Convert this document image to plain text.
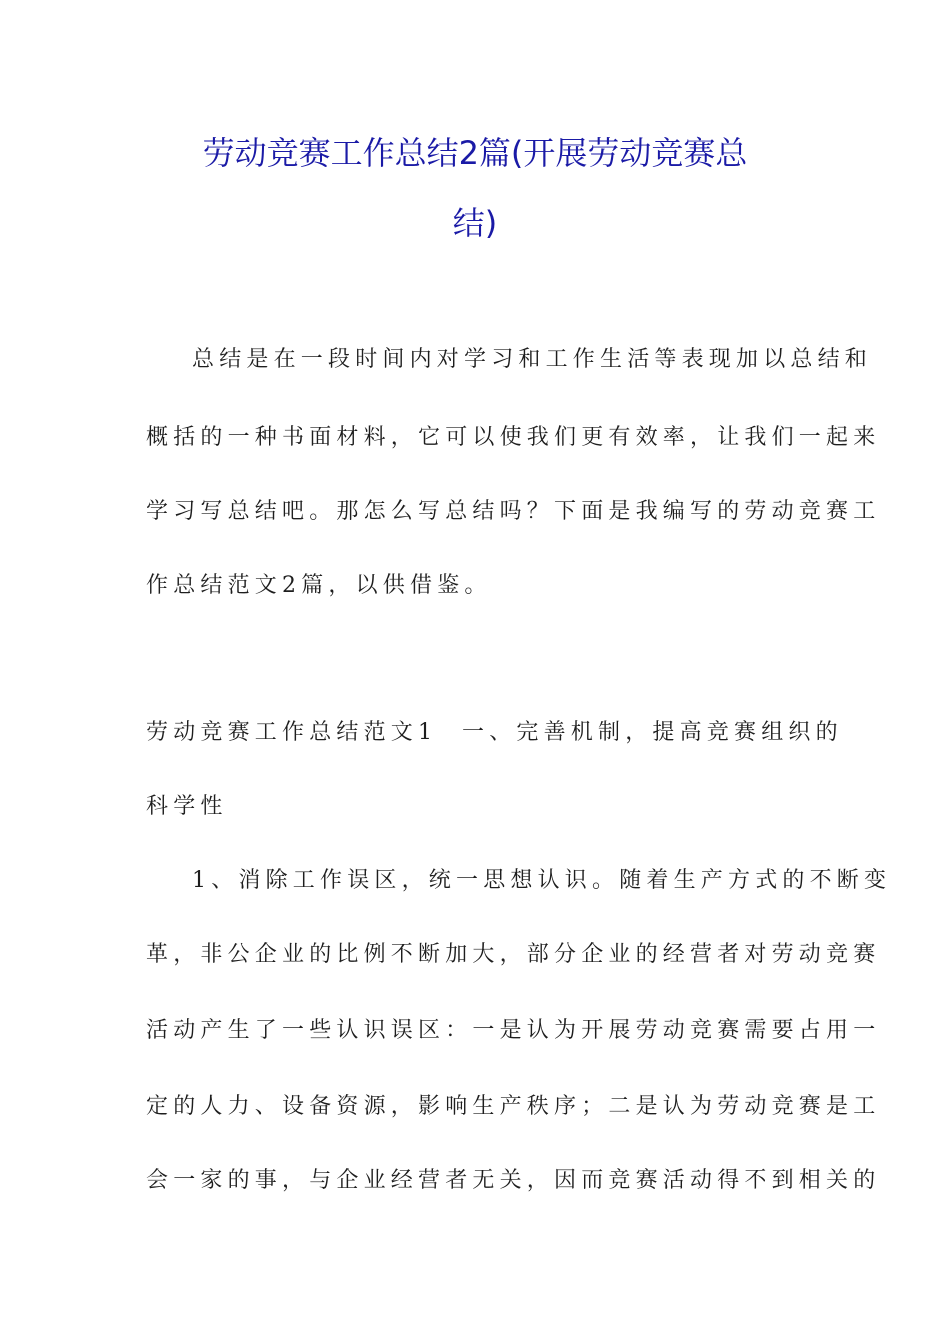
劳动竞赛工作总结2篇(开展劳动竞赛总
结)
总结是在一段时间内对学习和工作生活等表现加以总结和
概括的一种书面材料，它可以使我们更有效率，让我们一起来
学习写总结吧。那怎么写总结吗？下面是我编写的劳动竞赛工
作总结范文2篇，以供借鉴。
劳动竞赛工作总结范文1 一、完善机制，提高竞赛组织的
科学性
1、消除工作误区，统一思想认识。随着生产方式的不断变
革，非公企业的比例不断加大，部分企业的经营者对劳动竞赛
活动产生了一些认识误区：一是认为开展劳动竞赛需要占用一
定的人力、设备资源，影响生产秩序；二是认为劳动竞赛是工
会一家的事，与企业经营者无关，因而竞赛活动得不到相关的
